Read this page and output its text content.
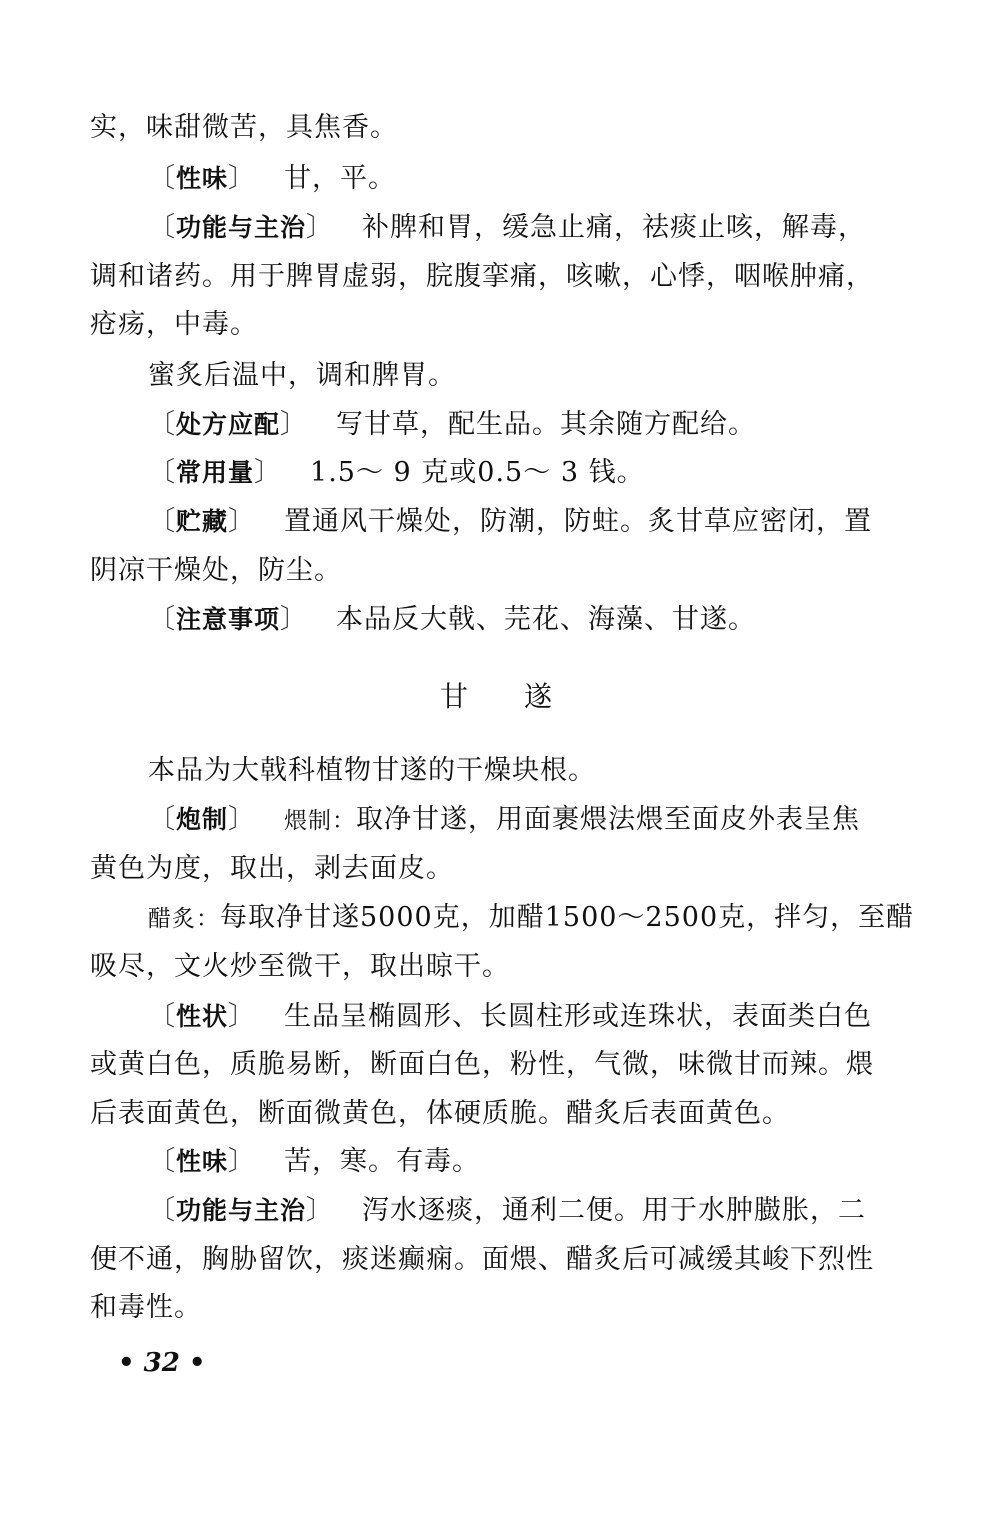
实，味甜微苦，具焦香。
〔性味〕 甘，平。
〔功能与主治〕 补脾和胃，缓急止痛，祛痰止咳，解毒，
调和诸药。用于脾胃虚弱，脘腹挛痛，咳嗽，心悸，咽喉肿痛，
疮疡，中毒。
蜜炙后温中，调和脾胃。
〔处方应配〕 写甘草，配生品。其余随方配给。
〔常用量〕 1.5～ 9 克或0.5～ 3 钱。
〔贮藏〕 置通风干燥处，防潮，防蛀。炙甘草应密闭，置
阴凉干燥处，防尘。
〔注意事项〕 本品反大戟、芫花、海藻、甘遂。
甘 遂
本品为大戟科植物甘遂的干燥块根。
〔炮制〕 煨制：取净甘遂，用面裹煨法煨至面皮外表呈焦
黄色为度，取出，剥去面皮。
醋炙：每取净甘遂5000克，加醋1500～2500克，拌匀，至醋
吸尽，文火炒至微干，取出晾干。
〔性状〕 生品呈椭圆形、长圆柱形或连珠状，表面类白色
或黄白色，质脆易断，断面白色，粉性，气微，味微甘而辣。煨
后表面黄色，断面微黄色，体硬质脆。醋炙后表面黄色。
〔性味〕 苦，寒。有毒。
〔功能与主治〕 泻水逐痰，通利二便。用于水肿臌胀，二
便不通，胸胁留饮，痰迷癫痫。面煨、醋炙后可减缓其峻下烈性
和毒性。
• 32 •
